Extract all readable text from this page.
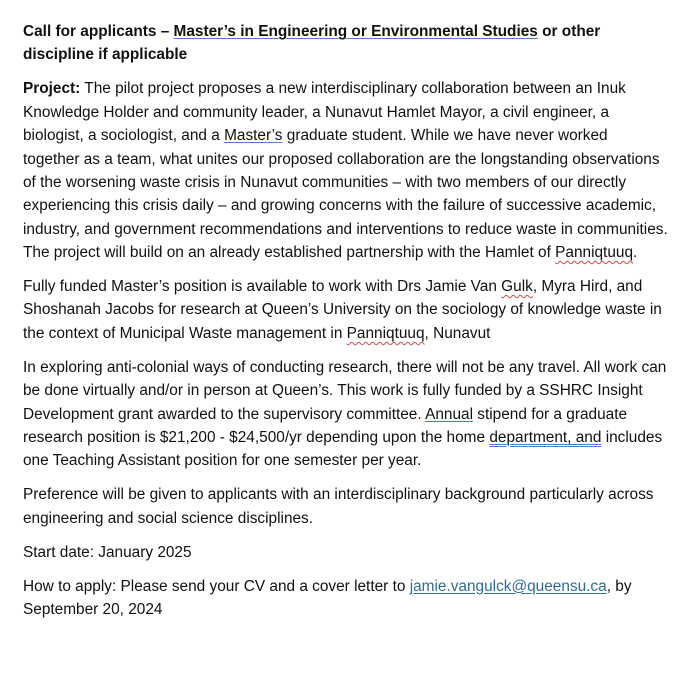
Call for applicants – Master’s in Engineering or Environmental Studies or other discipline if applicable

Project: The pilot project proposes a new interdisciplinary collaboration between an Inuk Knowledge Holder and community leader, a Nunavut Hamlet Mayor, a civil engineer, a biologist, a sociologist, and a Master’s graduate student. While we have never worked together as a team, what unites our proposed collaboration are the longstanding observations of the worsening waste crisis in Nunavut communities – with two members of our directly experiencing this crisis daily – and growing concerns with the failure of successive academic, industry, and government recommendations and interventions to reduce waste in communities. The project will build on an already established partnership with the Hamlet of Panniqtuuq.

Fully funded Master’s position is available to work with Drs Jamie Van Gulk, Myra Hird, and Shoshanah Jacobs for research at Queen’s University on the sociology of knowledge waste in the context of Municipal Waste management in Panniqtuuq, Nunavut

In exploring anti-colonial ways of conducting research, there will not be any travel. All work can be done virtually and/or in person at Queen’s. This work is fully funded by a SSHRC Insight Development grant awarded to the supervisory committee. Annual stipend for a graduate research position is $21,200 - $24,500/yr depending upon the home department, and includes one Teaching Assistant position for one semester per year.

Preference will be given to applicants with an interdisciplinary background particularly across engineering and social science disciplines.

Start date: January 2025

How to apply: Please send your CV and a cover letter to jamie.vangulck@queensu.ca, by September 20, 2024
